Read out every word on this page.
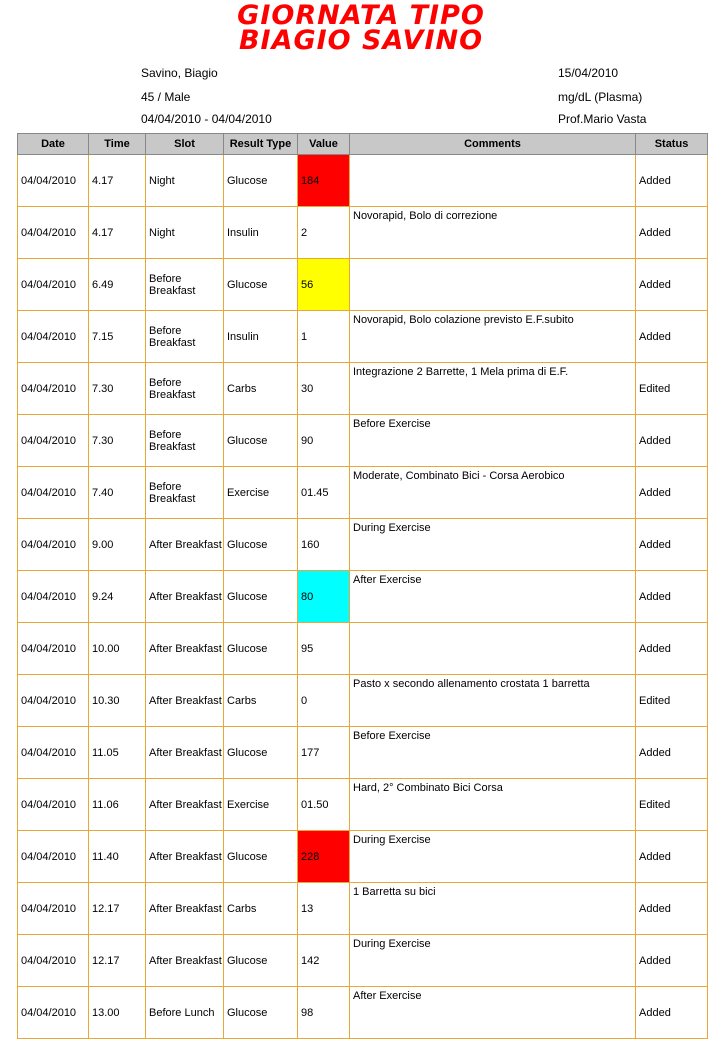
GIORNATA TIPO
BIAGIO SAVINO
Savino, Biagio
45 / Male
04/04/2010 - 04/04/2010
15/04/2010
mg/dL (Plasma)
Prof.Mario Vasta
Date	Time	Slot	Result Type	Value	Comments	Status
04/04/2010	4.17	Night	Glucose	184		Added
04/04/2010	4.17	Night	Insulin	2	Novorapid, Bolo di correzione	Added
04/04/2010	6.49	Before Breakfast	Glucose	56		Added
04/04/2010	7.15	Before Breakfast	Insulin	1	Novorapid, Bolo colazione previsto E.F.subito	Added
04/04/2010	7.30	Before Breakfast	Carbs	30	Integrazione 2 Barrette, 1 Mela prima di E.F.	Edited
04/04/2010	7.30	Before Breakfast	Glucose	90	Before Exercise	Added
04/04/2010	7.40	Before Breakfast	Exercise	01.45	Moderate, Combinato Bici - Corsa Aerobico	Added
04/04/2010	9.00	After Breakfast	Glucose	160	During Exercise	Added
04/04/2010	9.24	After Breakfast	Glucose	80	After Exercise	Added
04/04/2010	10.00	After Breakfast	Glucose	95		Added
04/04/2010	10.30	After Breakfast	Carbs	0	Pasto x secondo allenamento crostata 1 barretta	Edited
04/04/2010	11.05	After Breakfast	Glucose	177	Before Exercise	Added
04/04/2010	11.06	After Breakfast	Exercise	01.50	Hard, 2° Combinato Bici Corsa	Edited
04/04/2010	11.40	After Breakfast	Glucose	228	During Exercise	Added
04/04/2010	12.17	After Breakfast	Carbs	13	1 Barretta su bici	Added
04/04/2010	12.17	After Breakfast	Glucose	142	During Exercise	Added
04/04/2010	13.00	Before Lunch	Glucose	98	After Exercise	Added
